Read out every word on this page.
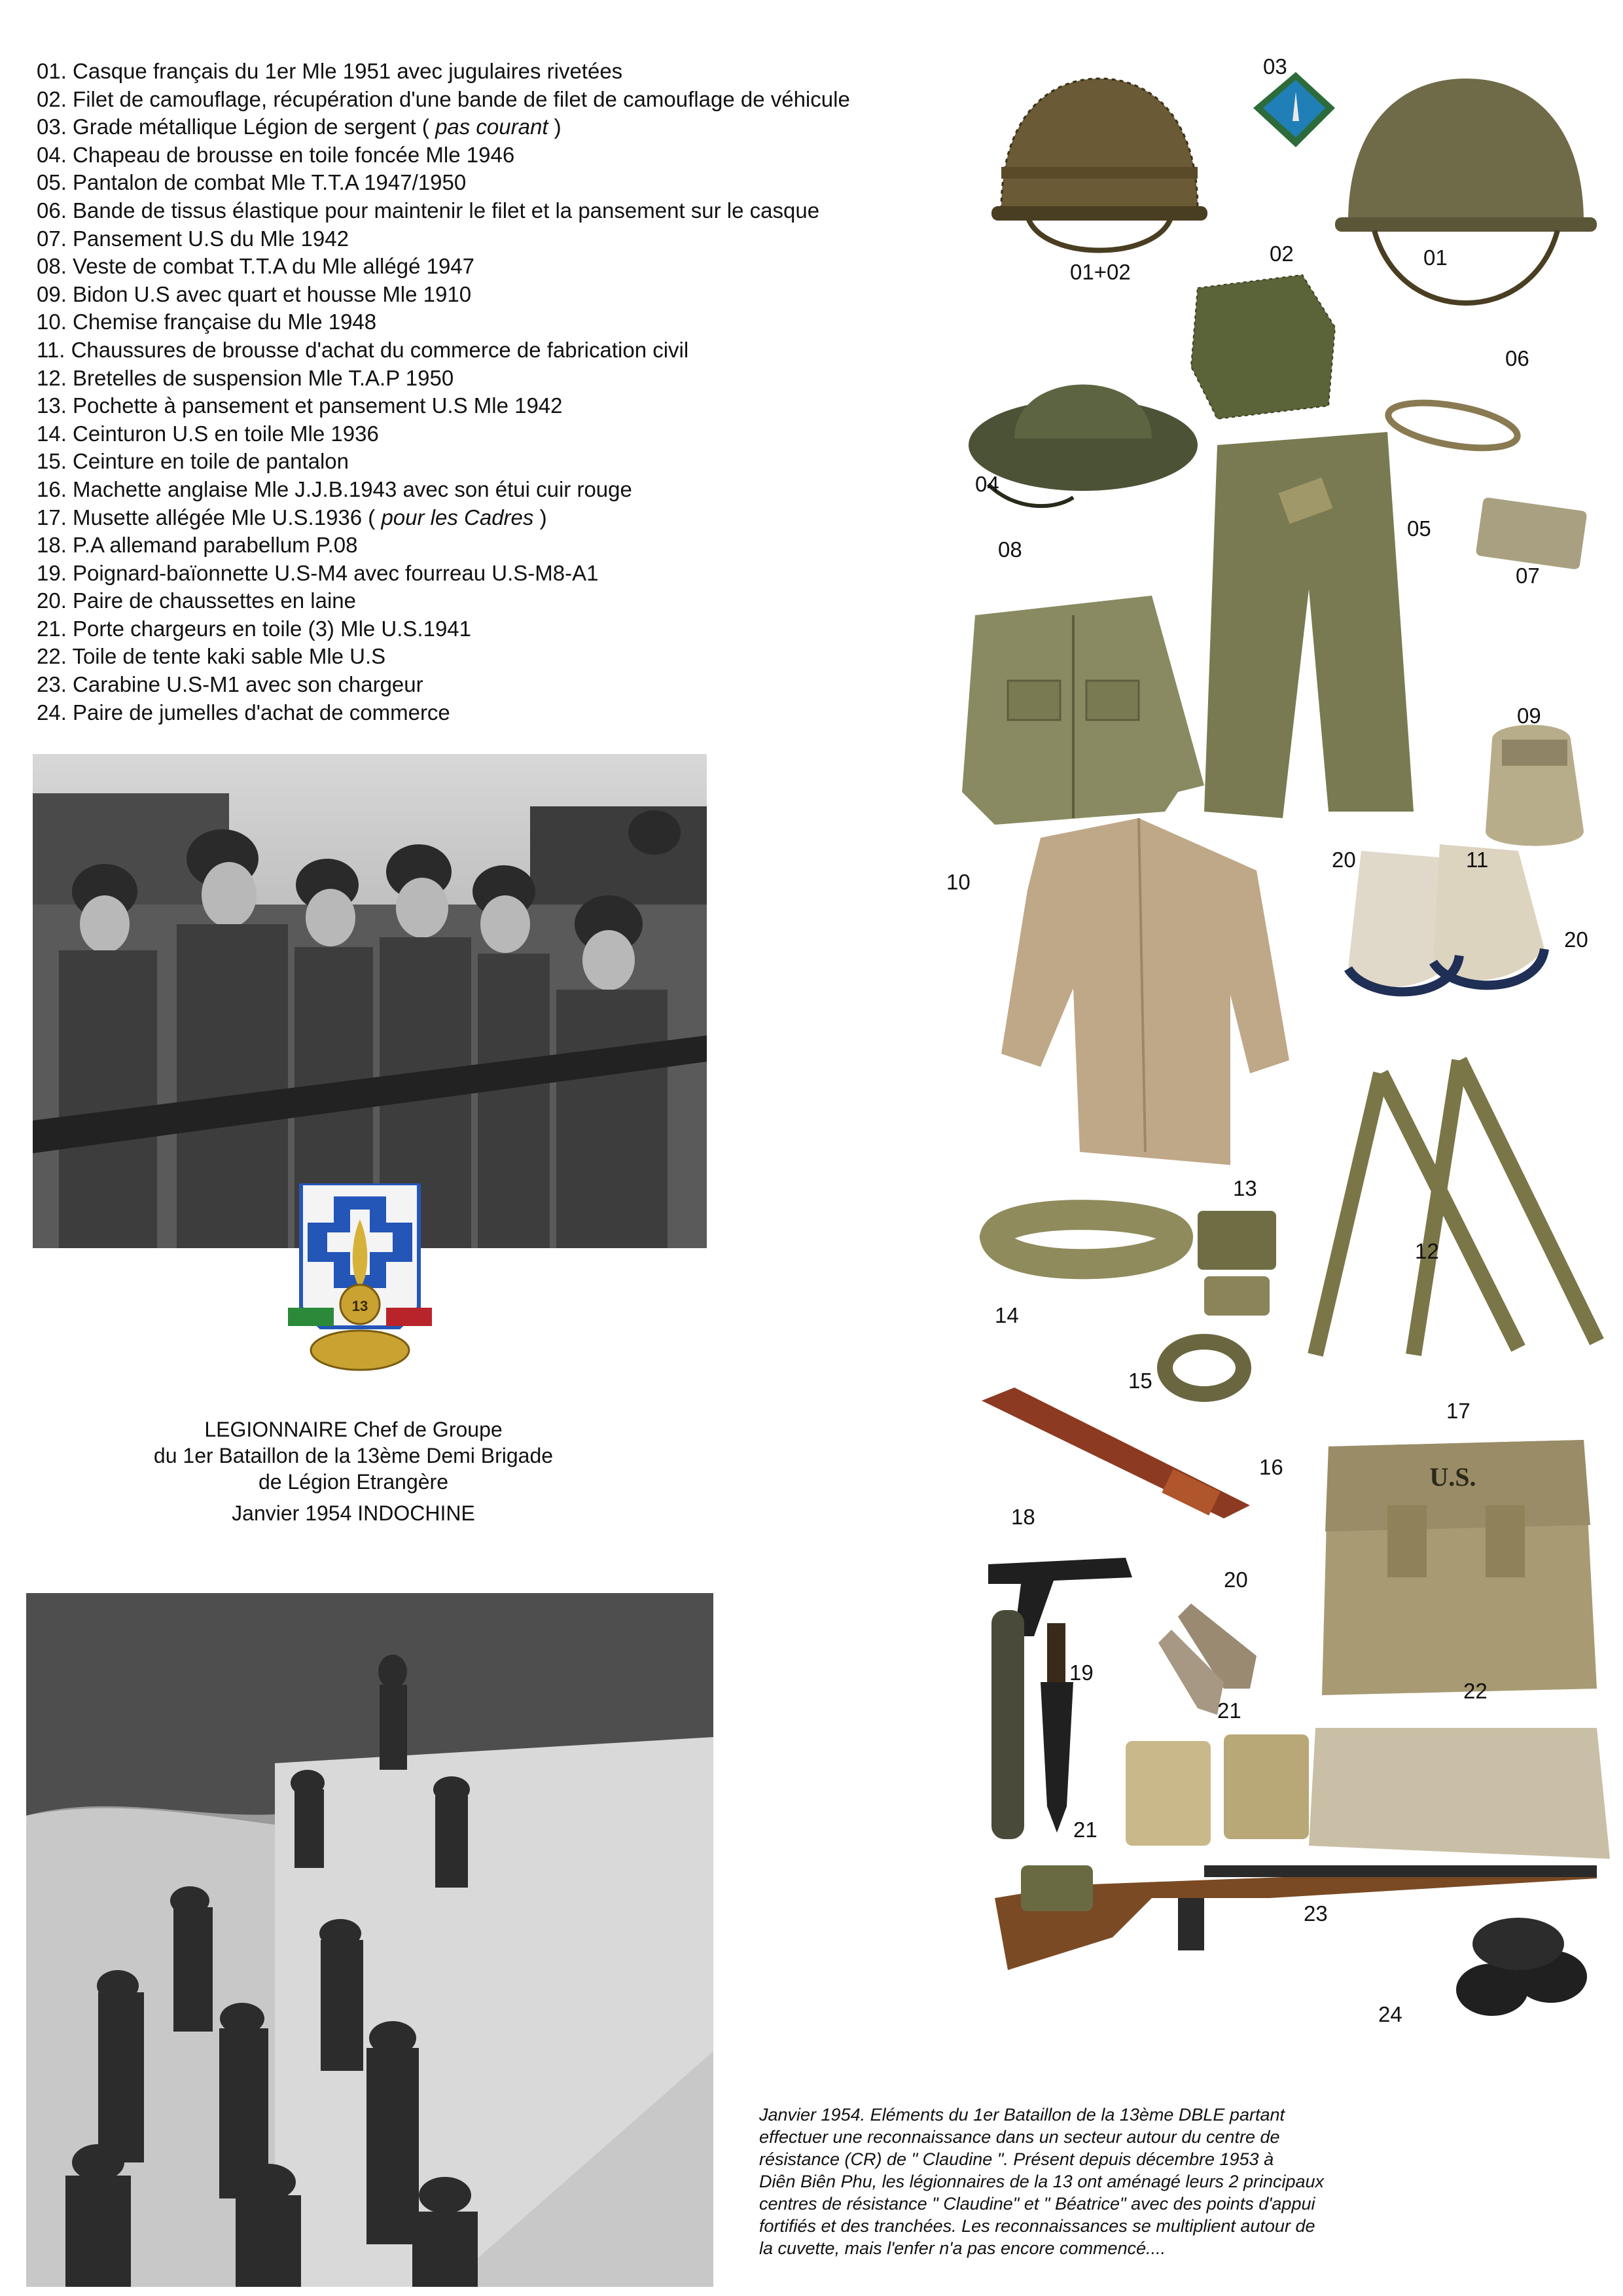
01. Casque français du 1er Mle 1951 avec jugulaires rivetées
02. Filet de camouflage, récupération d'une bande de filet de camouflage de véhicule
03. Grade métallique Légion de sergent ( pas courant )
04. Chapeau de brousse en toile foncée Mle 1946
05. Pantalon de combat Mle T.T.A 1947/1950
06. Bande de tissus élastique pour maintenir le filet et la pansement sur le casque
07. Pansement U.S du Mle 1942
08. Veste de combat T.T.A du Mle allégé 1947
09. Bidon U.S avec quart et housse Mle 1910
10. Chemise française du Mle 1948
11. Chaussures de brousse d'achat du commerce de fabrication civil
12. Bretelles de suspension Mle T.A.P 1950
13. Pochette à pansement et pansement U.S Mle 1942
14. Ceinturon U.S en toile Mle 1936
15. Ceinture en toile de pantalon
16. Machette anglaise Mle J.J.B.1943 avec son étui cuir rouge
17. Musette allégée Mle U.S.1936 ( pour les Cadres )
18. P.A allemand parabellum P.08
19. Poignard-baïonnette U.S-M4 avec fourreau U.S-M8-A1
20. Paire de chaussettes en laine
21. Porte chargeurs en toile (3) Mle U.S.1941
22. Toile de tente kaki sable Mle U.S
23. Carabine U.S-M1 avec son chargeur
24. Paire de jumelles d'achat de commerce
13
LEGIONNAIRE Chef de Groupe
du 1er Bataillon de la 13ème Demi Brigade
de Légion Etrangère
Janvier 1954 INDOCHINE
Janvier 1954. Eléments du 1er Bataillon de la 13ème DBLE partant
effectuer une reconnaissance dans un secteur autour du centre de
résistance (CR) de " Claudine ". Présent depuis décembre 1953 à
Diên Biên Phu, les légionnaires de la 13 ont aménagé leurs 2 principaux
centres de résistance " Claudine" et " Béatrice" avec des points d'appui
fortifiés et des tranchées. Les reconnaissances se multiplient autour de
la cuvette, mais l'enfer n'a pas encore commencé....
U.S.
03
01+02
02	01
06
04
08
05
07
09
10
20	11
20
13
12
14
15
16
17
18
20
19
21
22
21
23
24
